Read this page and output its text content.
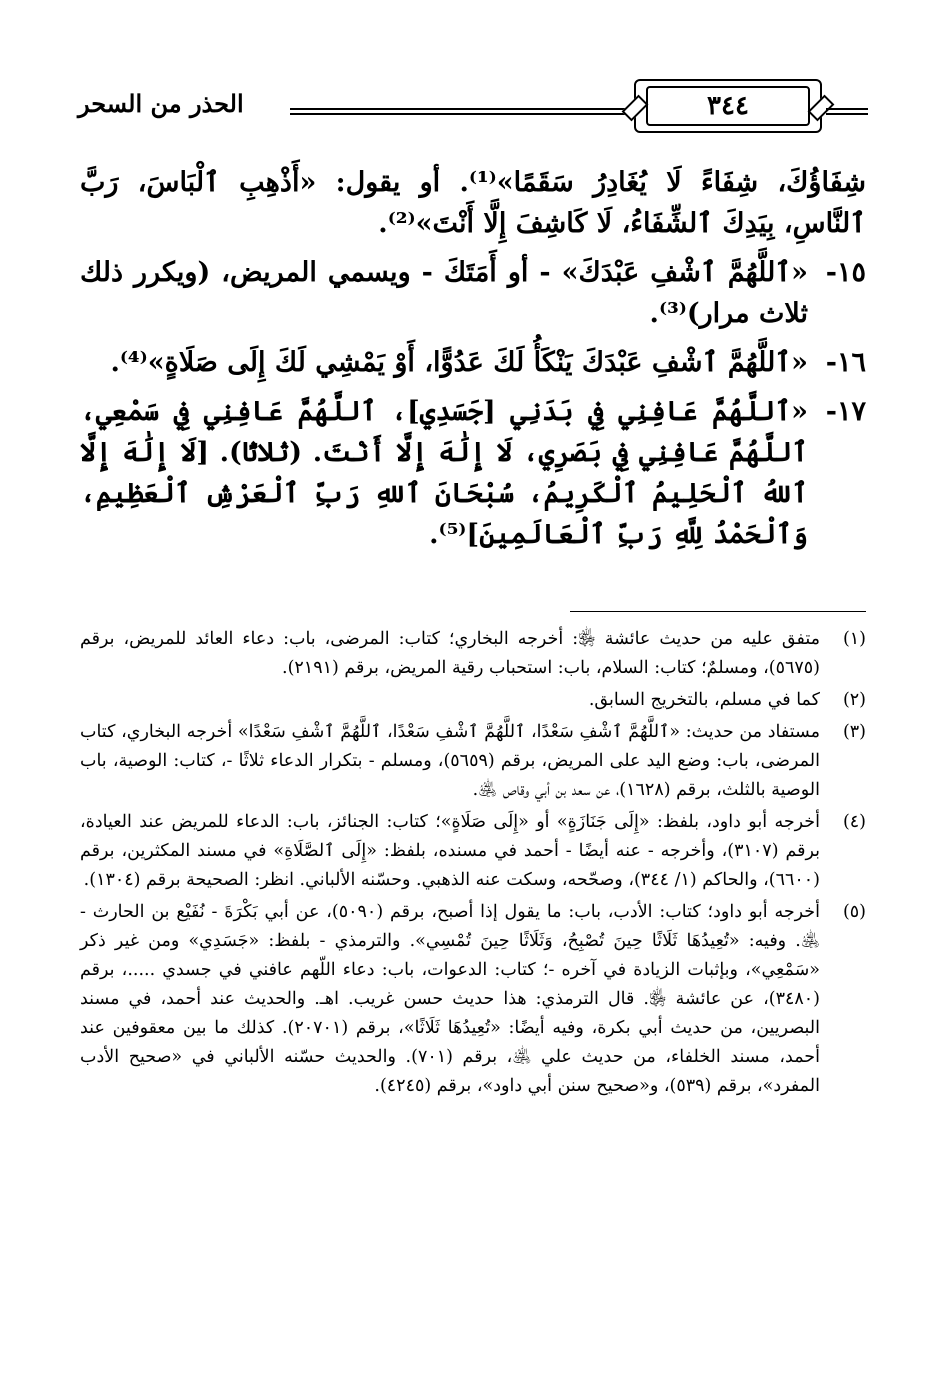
الحذر من السحر	٣٤٤

شِفَاؤُكَ، شِفَاءً لَا يُغَادِرُ سَقَمًا»⁽¹⁾. أو يقول: «أَذْهِبِ ٱلْبَاسَ، رَبَّ ٱلنَّاسِ، بِيَدِكَ ٱلشِّفَاءُ، لَا كَاشِفَ إِلَّا أَنْتَ»⁽²⁾.

١٥-
«ٱللَّهُمَّ ٱشْفِ عَبْدَكَ» - أو أَمَتَكَ - ويسمي المريض، (ويكرر ذلك ثلاث مرار)⁽³⁾.
١٦-
«ٱللَّهُمَّ ٱشْفِ عَبْدَكَ يَنْكَأُ لَكَ عَدُوًّا، أَوْ يَمْشِي لَكَ إِلَى صَلَاةٍ»⁽⁴⁾.
١٧-
«ٱللَّهُمَّ عَافِنِي فِي بَدَنِي [جَسَدِي]، ٱللَّهُمَّ عَافِنِي فِي سَمْعِي، ٱللَّهُمَّ عَافِنِي فِي بَصَرِي، لَا إِلَٰهَ إِلَّا أَنْتَ. (ثلاثًا). [لَا إِلَٰهَ إِلَّا ٱللهُ ٱلْحَلِيمُ ٱلْكَرِيمُ، سُبْحَانَ ٱللهِ رَبِّ ٱلْعَرْشِ ٱلْعَظِيمِ، وَٱلْحَمْدُ لِلَّهِ رَبِّ ٱلْعَالَمِينَ]⁽⁵⁾.
(١)
متفق عليه من حديث عائشة ﵂: أخرجه البخاري؛ كتاب: المرضى، باب: دعاء العائد للمريض، برقم (٥٦٧٥)، ومسلمٌ؛ كتاب: السلام، باب: استحباب رقية المريض، برقم (٢١٩١).
(٢)
كما في مسلم، بالتخريج السابق.
(٣)
مستفاد من حديث: «ٱللَّهُمَّ ٱشْفِ سَعْدًا، ٱللَّهُمَّ ٱشْفِ سَعْدًا، ٱللَّهُمَّ ٱشْفِ سَعْدًا» أخرجه البخاري، كتاب المرضى، باب: وضع اليد على المريض، برقم (٥٦٥٩)، ومسلم - بتكرار الدعاء ثلاثًا -، كتاب: الوصية، باب الوصية بالثلث، برقم (١٦٢٨)، عن سعد بن أبي وقاص ﵁.
(٤)
أخرجه أبو داود، بلفظ: «إِلَى جَنَازَةٍ» أو «إِلَى صَلَاةٍ»؛ كتاب: الجنائز، باب: الدعاء للمريض عند العيادة، برقم (٣١٠٧)، وأخرجه - عنه أيضًا - أحمد في مسنده، بلفظ: «إِلَى ٱلصَّلَاةِ» في مسند المكثرين، برقم (٦٦٠٠)، والحاكم (١/ ٣٤٤)، وصحّحه، وسكت عنه الذهبي. وحسّنه الألباني. انظر: الصحيحة برقم (١٣٠٤).
(٥)
أخرجه أبو داود؛ كتاب: الأدب، باب: ما يقول إذا أصبح، برقم (٥٠٩٠)، عن أبي بَكْرَةَ - نُفَيْع بن الحارث - ﵁. وفيه: «تُعِيدُهَا ثَلَاثًا حِينَ تُصْبِحُ، وَثَلَاثًا حِينَ تُمْسِي». والترمذي - بلفظ: «جَسَدِي» ومن غير ذكر «سَمْعِي»، وبإثبات الزيادة في آخره -؛ كتاب: الدعوات، باب: دعاء اللّهم عافني في جسدي .....، برقم (٣٤٨٠)، عن عائشة ﵂. قال الترمذي: هذا حديث حسن غريب. اهـ. والحديث عند أحمد، في مسند البصريين، من حديث أبي بكرة، وفيه أيضًا: «تُعِيدُهَا ثَلَاثًا»، برقم (٢٠٧٠١). كذلك ما بين معقوفين عند أحمد، مسند الخلفاء، من حديث علي ﵁، برقم (٧٠١). والحديث حسّنه الألباني في «صحيح الأدب المفرد»، برقم (٥٣٩)، و«صحيح سنن أبي داود»، برقم (٤٢٤٥).
